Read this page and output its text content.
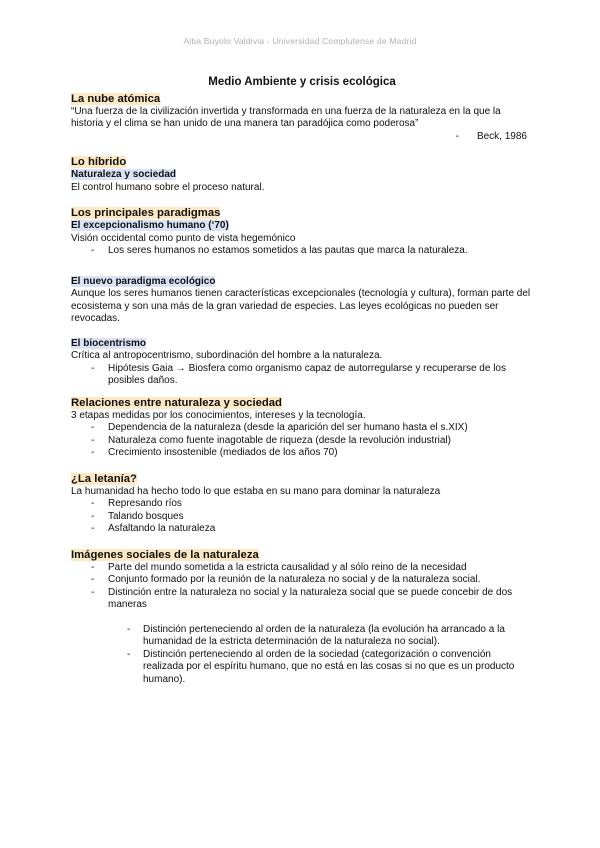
Alba Buyolo Valdivia - Universidad Complutense de Madrid
Medio Ambiente y crisis ecológica
La nube atómica

“Una fuerza de la civilización invertida y transformada en una fuerza de la naturaleza en la que la historia y el clima se han unido de una manera tan paradójica como poderosa”

- Beck, 1986

Lo híbrido
Naturaleza y sociedad

El control humano sobre el proceso natural.

Los principales paradigmas
El excepcionalismo humano (‘70)

Visión occidental como punto de vista hegemónico

- Los seres humanos no estamos sometidos a las pautas que marca la naturaleza.
El nuevo paradigma ecológico

Aunque los seres humanos tienen características excepcionales (tecnología y cultura), forman parte del ecosistema y son una más de la gran variedad de especies. Las leyes ecológicas no pueden ser revocadas.

El biocentrismo

Crítica al antropocentrismo, subordinación del hombre a la naturaleza.

- Hipótesis Gaia → Biosfera como organismo capaz de autorregularse y recuperarse de los posibles daños.
Relaciones entre naturaleza y sociedad

3 etapas medidas por los conocimientos, intereses y la tecnología.

- Dependencia de la naturaleza (desde la aparición del ser humano hasta el s.XIX)
- Naturaleza como fuente inagotable de riqueza (desde la revolución industrial)
- Crecimiento insostenible (mediados de los años 70)
¿La letanía?

La humanidad ha hecho todo lo que estaba en su mano para dominar la naturaleza

- Represando ríos
- Talando bosques
- Asfaltando la naturaleza
Imágenes sociales de la naturaleza
- Parte del mundo sometida a la estricta causalidad y al sólo reino de la necesidad
- Conjunto formado por la reunión de la naturaleza no social y de la naturaleza social.
- Distinción entre la naturaleza no social y la naturaleza social que se puede concebir de dos maneras
- Distinción perteneciendo al orden de la naturaleza (la evolución ha arrancado a la humanidad de la estricta determinación de la naturaleza no social).
- Distinción perteneciendo al orden de la sociedad (categorización o convención realizada por el espíritu humano, que no está en las cosas si no que es un producto humano).
